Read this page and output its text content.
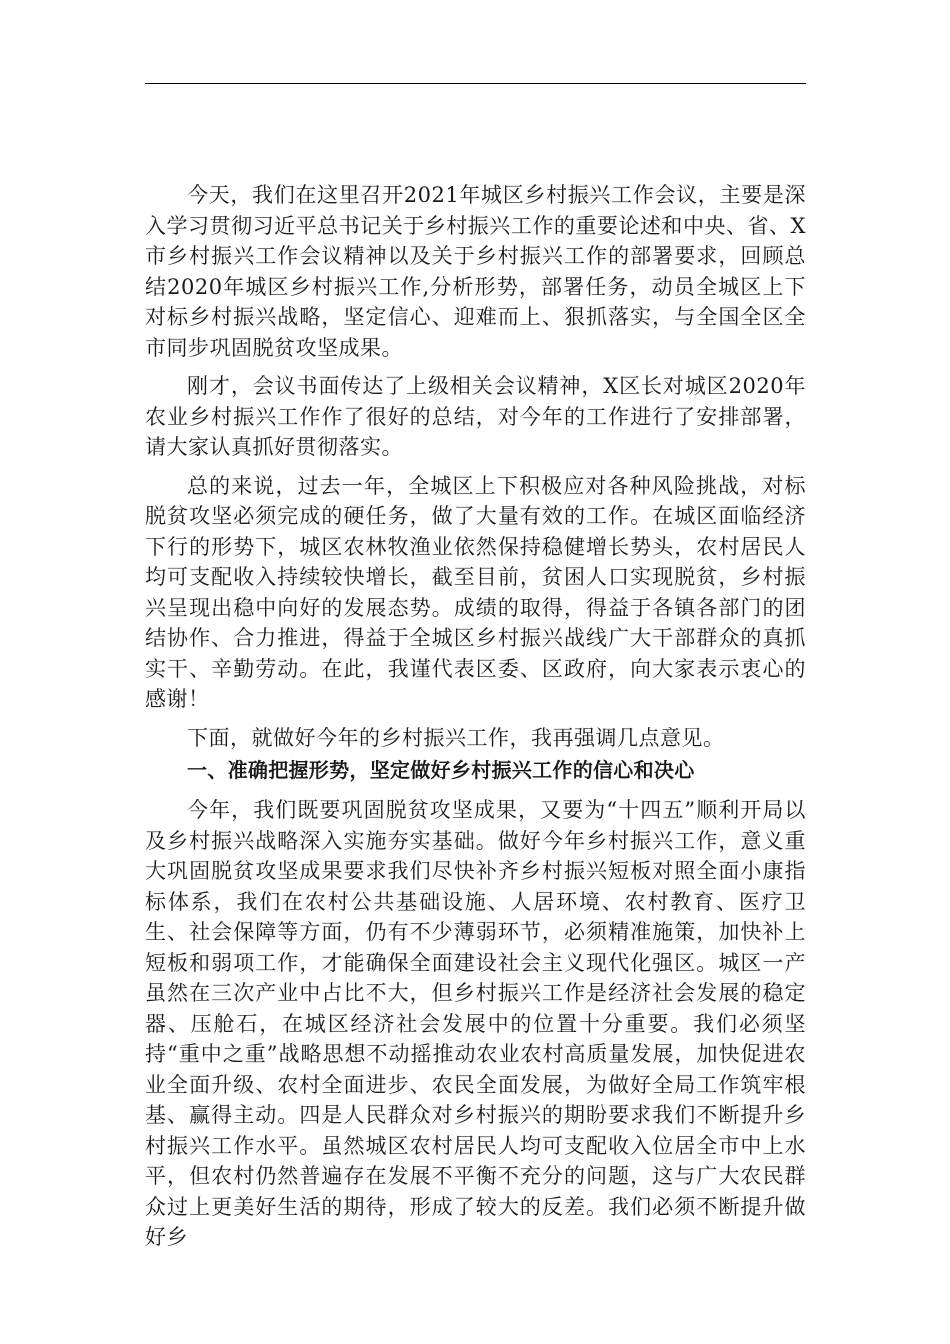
今天，我们在这里召开2021年城区乡村振兴工作会议，主要是深入学习贯彻习近平总书记关于乡村振兴工作的重要论述和中央、省、X市乡村振兴工作会议精神以及关于乡村振兴工作的部署要求，回顾总结2020年城区乡村振兴工作,分析形势，部署任务，动员全城区上下对标乡村振兴战略，坚定信心、迎难而上、狠抓落实，与全国全区全市同步巩固脱贫攻坚成果。

刚才，会议书面传达了上级相关会议精神，X区长对城区2020年农业乡村振兴工作作了很好的总结，对今年的工作进行了安排部署，请大家认真抓好贯彻落实。

总的来说，过去一年，全城区上下积极应对各种风险挑战，对标脱贫攻坚必须完成的硬任务，做了大量有效的工作。在城区面临经济下行的形势下，城区农林牧渔业依然保持稳健增长势头，农村居民人均可支配收入持续较快增长，截至目前，贫困人口实现脱贫，乡村振兴呈现出稳中向好的发展态势。成绩的取得，得益于各镇各部门的团结协作、合力推进，得益于全城区乡村振兴战线广大干部群众的真抓实干、辛勤劳动。在此，我谨代表区委、区政府，向大家表示衷心的感谢！

下面，就做好今年的乡村振兴工作，我再强调几点意见。

一、准确把握形势，坚定做好乡村振兴工作的信心和决心

今年，我们既要巩固脱贫攻坚成果，又要为“十四五”顺利开局以及乡村振兴战略深入实施夯实基础。做好今年乡村振兴工作，意义重大巩固脱贫攻坚成果要求我们尽快补齐乡村振兴短板对照全面小康指标体系，我们在农村公共基础设施、人居环境、农村教育、医疗卫生、社会保障等方面，仍有不少薄弱环节，必须精准施策，加快补上短板和弱项工作，才能确保全面建设社会主义现代化强区。城区一产虽然在三次产业中占比不大，但乡村振兴工作是经济社会发展的稳定器、压舱石，在城区经济社会发展中的位置十分重要。我们必须坚持“重中之重”战略思想不动摇推动农业农村高质量发展，加快促进农业全面升级、农村全面进步、农民全面发展，为做好全局工作筑牢根基、赢得主动。四是人民群众对乡村振兴的期盼要求我们不断提升乡村振兴工作水平。虽然城区农村居民人均可支配收入位居全市中上水平，但农村仍然普遍存在发展不平衡不充分的问题，这与广大农民群众过上更美好生活的期待，形成了较大的反差。我们必须不断提升做好乡
